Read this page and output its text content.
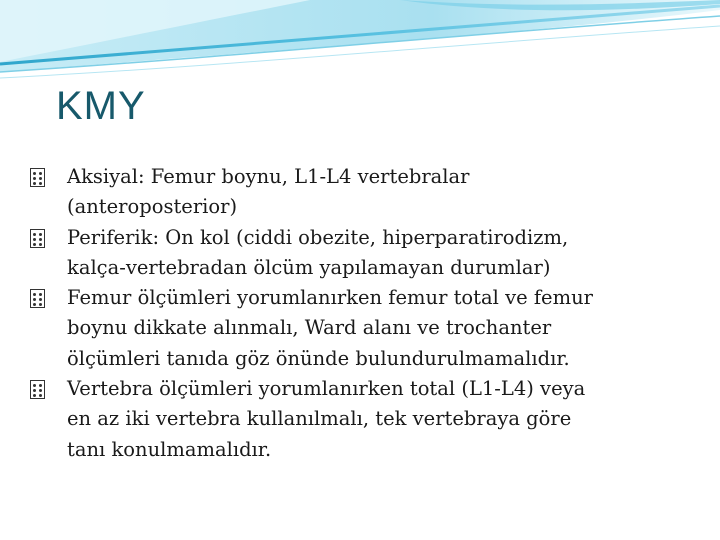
KMY
Aksiyal: Femur boynu, L1-L4 vertebralar
(anteroposterior)
Periferik: On kol (ciddi obezite, hiperparatirodizm,
kalça-vertebradan ölcüm yapılamayan durumlar)
Femur ölçümleri yorumlanırken femur total ve femur
boynu dikkate alınmalı, Ward alanı ve trochanter
ölçümleri tanıda göz önünde bulundurulmamalıdır.
Vertebra ölçümleri yorumlanırken total (L1-L4) veya
en az iki vertebra kullanılmalı, tek vertebraya göre
tanı konulmamalıdır.
